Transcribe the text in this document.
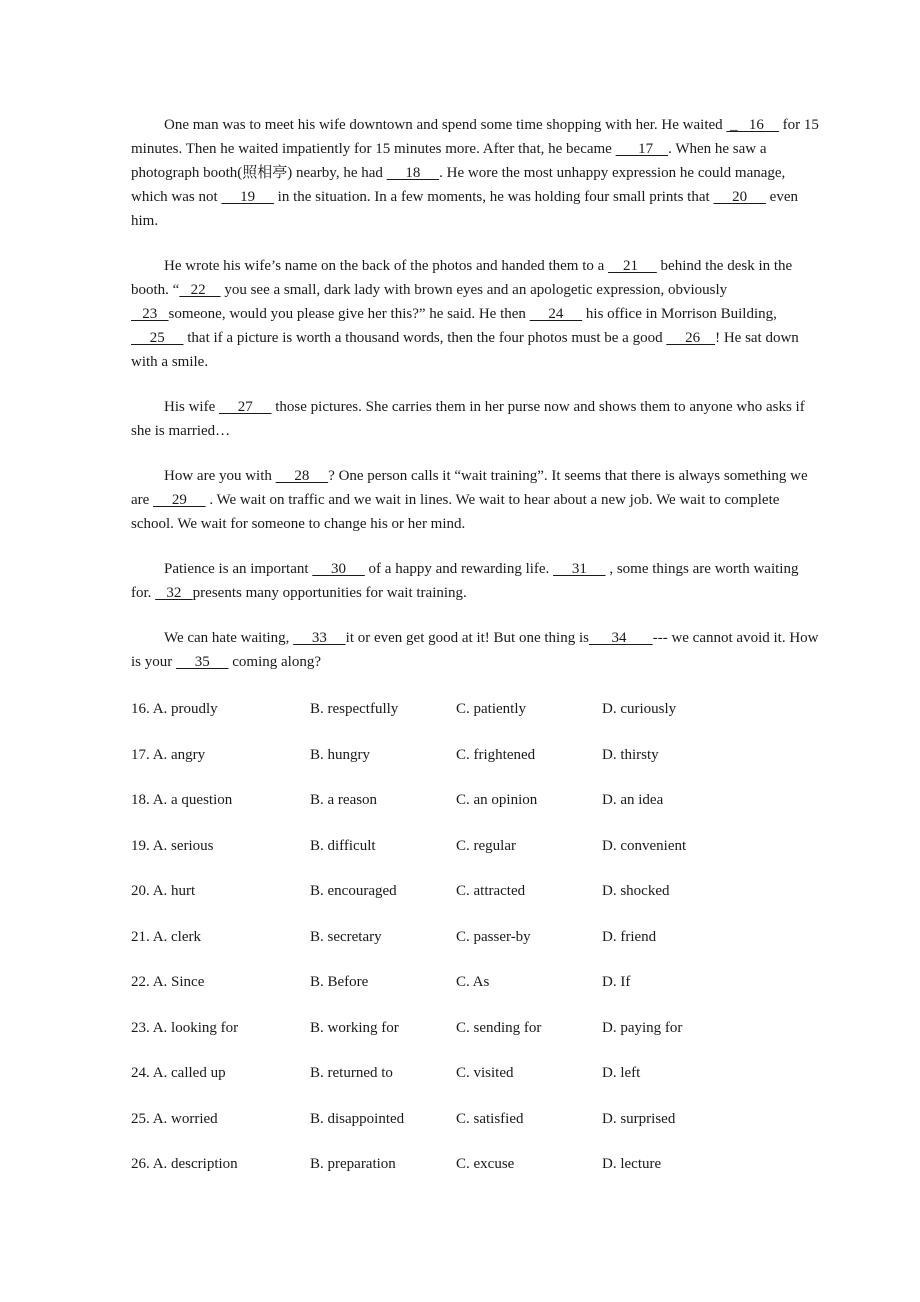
One man was to meet his wife downtown and spend some time shopping with her. He waited  _   16     for 15 minutes. Then he waited impatiently for 15 minutes more. After that, he became       17    . When he saw a photograph booth(照相亭) nearby, he had      18     . He wore the most unhappy expression he could manage, which was not      19      in the situation. In a few moments, he was holding four small prints that      20      even him.

He wrote his wife’s name on the back of the photos and handed them to a     21      behind the desk in the booth. “   22     you see a small, dark lady with brown eyes and an apologetic expression, obviously    23   someone, would you please give her this?” he said. He then      24      his office in Morrison Building,      25      that if a picture is worth a thousand words, then the four photos must be a good      26    ! He sat down with a smile.

His wife      27      those pictures. She carries them in her purse now and shows them to anyone who asks if she is married…

How are you with      28     ? One person calls it “wait training”. It seems that there is always something we are      29      . We wait on traffic and we wait in lines. We wait to hear about a new job. We wait to complete school. We wait for someone to change his or her mind.

Patience is an important      30      of a happy and rewarding life.      31      , some things are worth waiting for.    32   presents many opportunities for wait training.

We can hate waiting,      33     it or even get good at it! But one thing is      34       --- we cannot avoid it. How is your      35      coming along?

16. A. proudly	B. respectfully	C. patiently	D. curiously
17. A. angry	B. hungry	C. frightened	D. thirsty
18. A. a question	B. a reason	C. an opinion	D. an idea
19. A. serious	B. difficult	C. regular	D. convenient
20. A. hurt	B. encouraged	C. attracted	D. shocked
21. A. clerk	B. secretary	C. passer-by	D. friend
22. A. Since	B. Before	C. As	D. If
23. A. looking for	B. working for	C. sending for	D. paying for
24. A. called up	B. returned to	C. visited	D. left
25. A. worried	B. disappointed	C. satisfied	D. surprised
26. A. description	B. preparation	C. excuse	D. lecture
